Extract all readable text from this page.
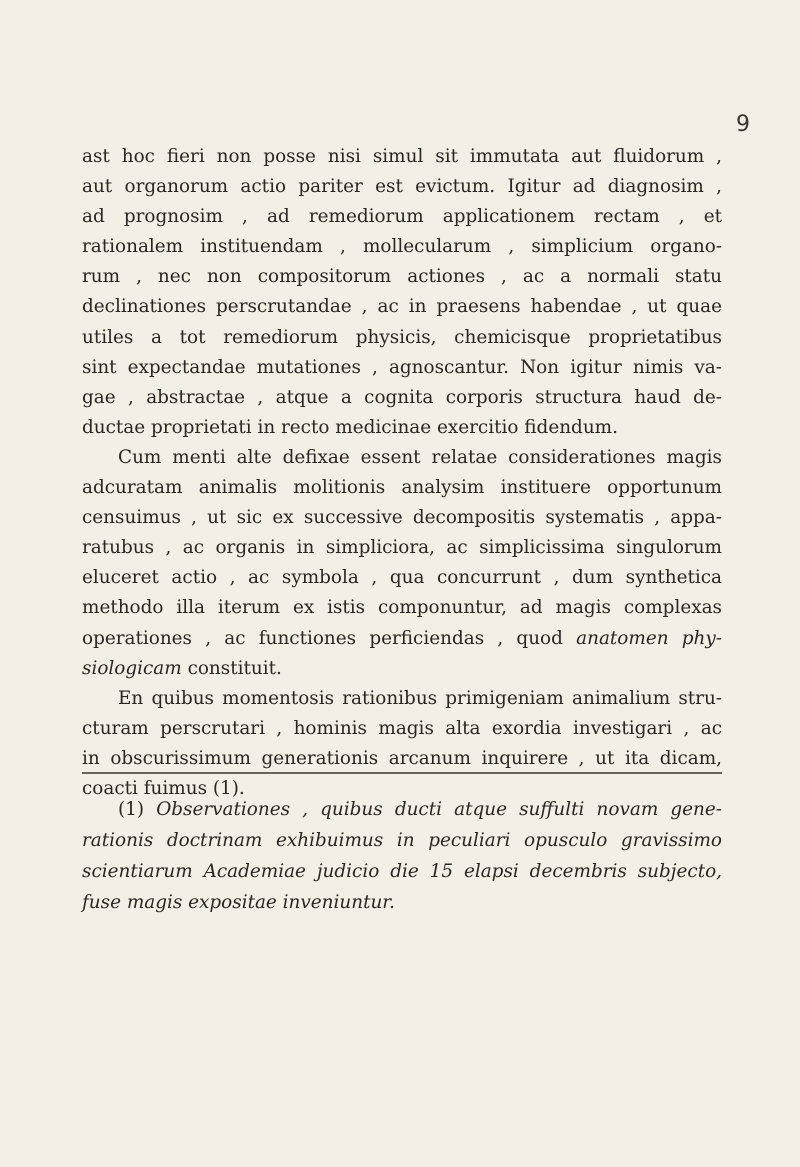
9
ast hoc fieri non posse nisi simul sit immutata aut fluidorum ,
aut organorum actio pariter est evictum. Igitur ad diagnosim ,
ad prognosim , ad remediorum applicationem rectam , et
rationalem instituendam , mollecularum , simplicium organo-
rum , nec non compositorum actiones , ac a normali statu
declinationes perscrutandae , ac in praesens habendae , ut quae
utiles a tot remediorum physicis, chemicisque proprietatibus
sint expectandae mutationes , agnoscantur. Non igitur nimis va-
gae , abstractae , atque a cognita corporis structura haud de-
ductae proprietati in recto medicinae exercitio fidendum.
Cum menti alte defixae essent relatae considerationes magis
adcuratam animalis molitionis analysim instituere opportunum
censuimus , ut sic ex successive decompositis systematis , appa-
ratubus , ac organis in simpliciora, ac simplicissima singulorum
eluceret actio , ac symbola , qua concurrunt , dum synthetica
methodo illa iterum ex istis componuntur, ad magis complexas
operationes , ac functiones perficiendas , quod anatomen phy-
siologicam constituit.
En quibus momentosis rationibus primigeniam animalium stru-
cturam perscrutari , hominis magis alta exordia investigari , ac
in obscurissimum generationis arcanum inquirere , ut ita dicam,
coacti fuimus (1).
(1) Observationes , quibus ducti atque suffulti novam gene-
rationis doctrinam exhibuimus in peculiari opusculo gravissimo
scientiarum Academiae judicio die 15 elapsi decembris subjecto,
fuse magis expositae inveniuntur.
